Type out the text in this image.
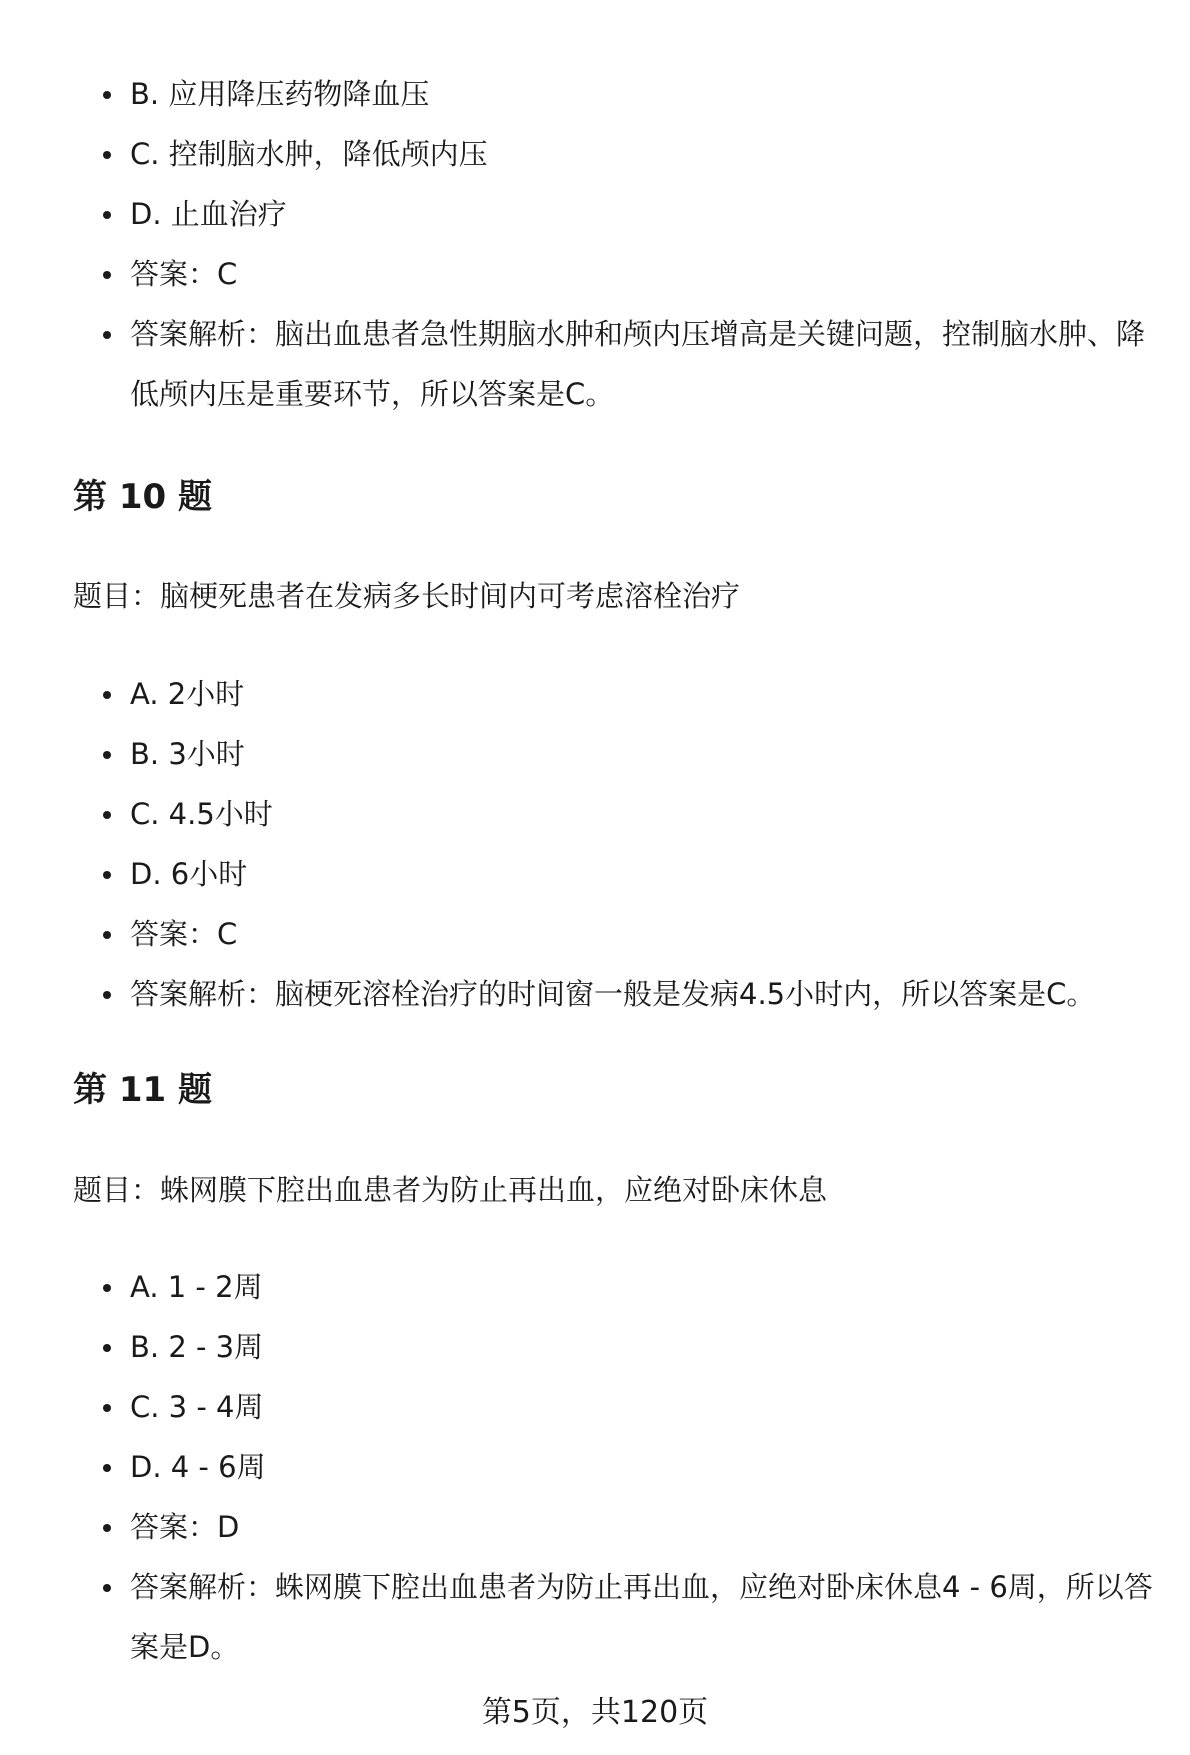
B. 应用降压药物降血压
C. 控制脑水肿，降低颅内压
D. 止血治疗
答案：C
答案解析：脑出血患者急性期脑水肿和颅内压增高是关键问题，控制脑水肿、降低颅内压是重要环节，所以答案是C。
第 10 题

题目：脑梗死患者在发病多长时间内可考虑溶栓治疗

A. 2小时
B. 3小时
C. 4.5小时
D. 6小时
答案：C
答案解析：脑梗死溶栓治疗的时间窗一般是发病4.5小时内，所以答案是C。
第 11 题

题目：蛛网膜下腔出血患者为防止再出血，应绝对卧床休息

A. 1 - 2周
B. 2 - 3周
C. 3 - 4周
D. 4 - 6周
答案：D
答案解析：蛛网膜下腔出血患者为防止再出血，应绝对卧床休息4 - 6周，所以答案是D。
第5页，共120页
